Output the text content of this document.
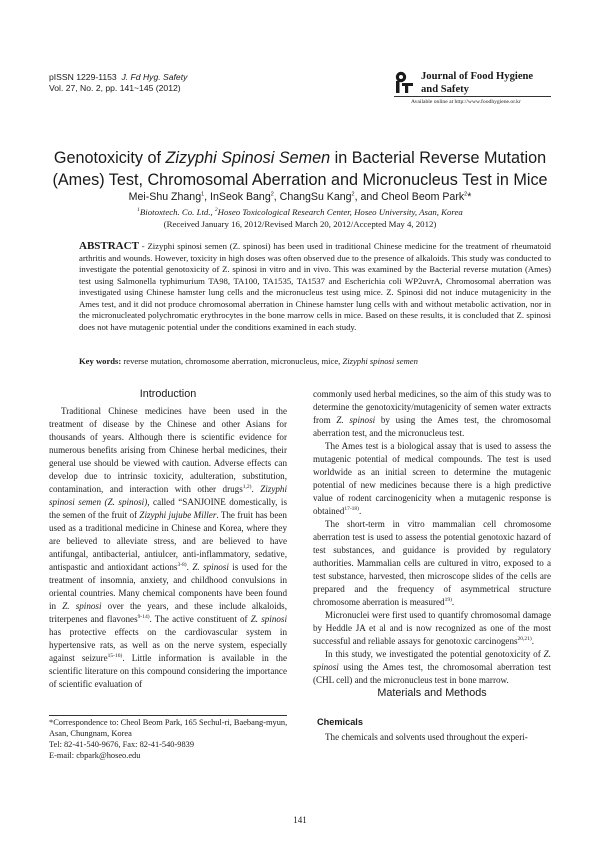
pISSN 1229-1153 J. Fd Hyg. Safety
Vol. 27, No. 2, pp. 141~145 (2012)
Journal of Food Hygiene
and Safety
Available online at http://www.foodhygiene.or.kr
Genotoxicity of Zizyphi Spinosi Semen in Bacterial Reverse Mutation
(Ames) Test, Chromosomal Aberration and Micronucleus Test in Mice
Mei-Shu Zhang$^1$, InSeok Bang$^2$, ChangSu Kang$^2$, and Cheol Beom Park$^2$*
$^1$Biotoxtech. Co. Ltd., $^2$Hoseo Toxicological Research Center, Hoseo University, Asan, Korea
(Received January 16, 2012/Revised March 20, 2012/Accepted May 4, 2012)
ABSTRACT - Zizyphi spinosi semen (Z. spinosi) has been used in traditional Chinese medicine for the treatment of rheumatoid arthritis and wounds. However, toxicity in high doses was often observed due to the presence of alkaloids. This study was conducted to investigate the potential genotoxicity of Z. spinosi in vitro and in vivo. This was examined by the Bacterial reverse mutation (Ames) test using Salmonella typhimurium TA98, TA100, TA1535, TA1537 and Escherichia coli WP2uvrA, Chromosomal aberration was investigated using Chinese hamster lung cells and the micronucleus test using mice. Z. Spinosi did not induce mutagenicity in the Ames test, and it did not produce chromosomal aberration in Chinese hamster lung cells with and without metabolic activation, nor in the micronucleated polychromatic erythrocytes in the bone marrow cells in mice. Based on these results, it is concluded that Z. spinosi does not have mutagenic potential under the conditions examined in each study.
Key words: reverse mutation, chromosome aberration, micronucleus, mice, Zizyphi spinosi semen
Introduction

Traditional Chinese medicines have been used in the treatment of disease by the Chinese and other Asians for thousands of years. Although there is scientific evidence for numerous benefits arising from Chinese herbal medicines, their general use should be viewed with caution. Adverse effects can develop due to intrinsic toxicity, adulteration, substitution, contamination, and interaction with other drugs$^{1,2)}$. Zizyphi spinosi semen (Z. spinosi), called “SANJOINE domestically, is the semen of the fruit of Zizyphi jujube Miller. The fruit has been used as a traditional medicine in Chinese and Korea, where they are believed to alleviate stress, and are believed to have antifungal, antibacterial, antiulcer, anti-inflammatory, sedative, antispastic and antioxidant actions$^{3-8)}$. Z. spinosi is used for the treatment of insomnia, anxiety, and childhood convulsions in oriental countries. Many chemical components have been found in Z. spinosi over the years, and these include alkaloids, triterpenes and flavones$^{9-14)}$. The active constituent of Z. spinosi has protective effects on the cardiovascular system in hypertensive rats, as well as on the nerve system, especially against seizure$^{15-16)}$. Little information is available in the scientific literature on this compound considering the importance of scientific evaluation of

commonly used herbal medicines, so the aim of this study was to determine the genotoxicity/mutagenicity of semen water extracts from Z. spinosi by using the Ames test, the chromosomal aberration test, and the micronucleus test.

The Ames test is a biological assay that is used to assess the mutagenic potential of medical compounds. The test is used worldwide as an initial screen to determine the mutagenic potential of new medicines because there is a high predictive value of rodent carcinogenicity when a mutagenic response is obtained$^{17-18)}$.

The short-term in vitro mammalian cell chromosome aberration test is used to assess the potential genotoxic hazard of test substances, and guidance is provided by regulatory authorities. Mammalian cells are cultured in vitro, exposed to a test substance, harvested, then microscope slides of the cells are prepared and the frequency of asymmetrical structure chromosome aberration is measured$^{19)}$.

Micronuclei were first used to quantify chromosomal damage by Heddle JA et al and is now recognized as one of the most successful and reliable assays for genotoxic carcinogens$^{20,21)}$.

In this study, we investigated the potential genotoxicity of Z. spinosi using the Ames test, the chromosomal aberration test (CHL cell) and the micronucleus test in bone marrow.

Materials and Methods
Chemicals

The chemicals and solvents used throughout the experi-

*Correspondence to: Cheol Beom Park, 165 Sechul-ri, Baebang-myun, Asan, Chungnam, Korea
Tel: 82-41-540-9676, Fax: 82-41-540-9839
E-mail: cbpark@hoseo.edu
141
